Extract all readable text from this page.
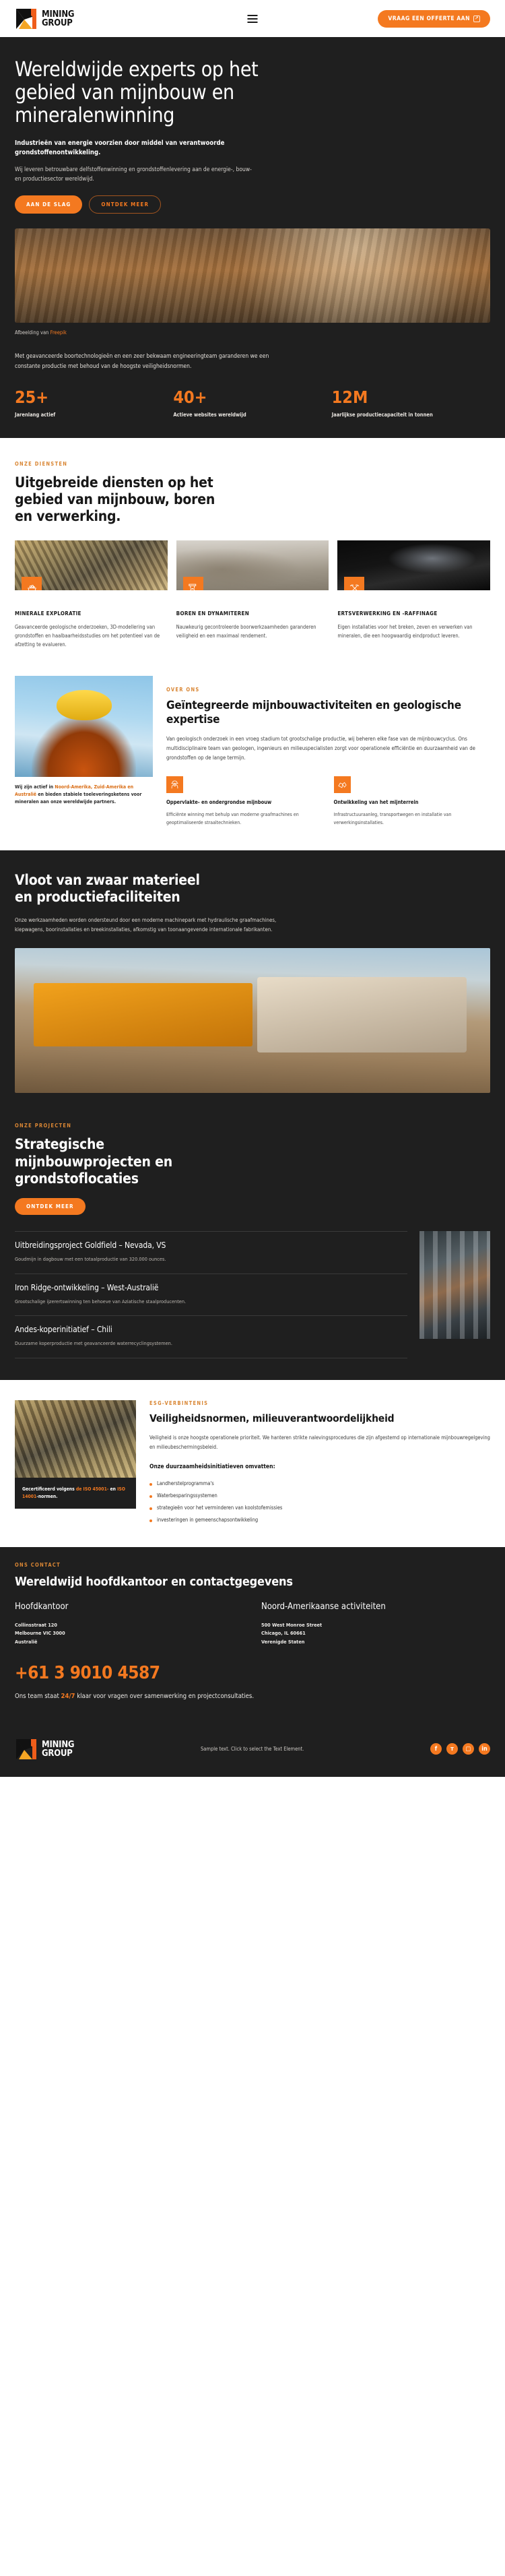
MINING
GROUP	VRAAG EEN OFFERTE AAN	↗
Wereldwijde experts op het gebied van mijnbouw en mineralenwinning
Industrieën van energie voorzien door middel van verantwoorde grondstoffenontwikkeling.
Wij leveren betrouwbare delfstoffenwinning en grondstoffenlevering aan de energie-, bouw- en productiesector wereldwijd.
AAN DE SLAG	ONTDEK MEER
Afbeelding van Freepik
Met geavanceerde boortechnologieën en een zeer bekwaam engineeringteam garanderen we een constante productie met behoud van de hoogste veiligheidsnormen.
25+
Jarenlang actief
40+
Actieve websites wereldwijd
12M
Jaarlijkse productiecapaciteit in tonnen
ONZE DIENSTEN
Uitgebreide diensten op het gebied van mijnbouw, boren en verwerking.
MINERALE EXPLORATIE

Geavanceerde geologische onderzoeken, 3D-modellering van grondstoffen en haalbaarheidsstudies om het potentieel van de afzetting te evalueren.

BOREN EN DYNAMITEREN

Nauwkeurig gecontroleerde boorwerkzaamheden garanderen veiligheid en een maximaal rendement.

ERTSVERWERKING EN -RAFFINAGE

Eigen installaties voor het breken, zeven en verwerken van mineralen, die een hoogwaardig eindproduct leveren.

Wij zijn actief in Noord-Amerika, Zuid-Amerika en Australië en bieden stabiele toeleveringsketens voor mineralen aan onze wereldwijde partners.
OVER ONS
Geïntegreerde mijnbouwactiviteiten en geologische expertise
Van geologisch onderzoek in een vroeg stadium tot grootschalige productie, wij beheren elke fase van de mijnbouwcyclus. Ons multidisciplinaire team van geologen, ingenieurs en milieuspecialisten zorgt voor operationele efficiëntie en duurzaamheid van de grondstoffen op de lange termijn.
Oppervlakte- en ondergrondse mijnbouw

Efficiënte winning met behulp van moderne graafmachines en geoptimaliseerde straaltechnieken.

Ontwikkeling van het mijnterrein

Infrastructuuraanleg, transportwegen en installatie van verwerkingsinstallaties.

Vloot van zwaar materieel en productiefaciliteiten

Onze werkzaamheden worden ondersteund door een moderne machinepark met hydraulische graafmachines, kiepwagens, boorinstallaties en breekinstallaties, afkomstig van toonaangevende internationale fabrikanten.

ONZE PROJECTEN
Strategische mijnbouwprojecten en grondstoflocaties
ONTDEK MEER
Uitbreidingsproject Goldfield – Nevada, VS

Goudmijn in dagbouw met een totaalproductie van 320.000 ounces.

Iron Ridge-ontwikkeling – West-Australië

Grootschalige ijzerertswinning ten behoeve van Aziatische staalproducenten.

Andes-koperinitiatief – Chili

Duurzame koperproductie met geavanceerde waterrecyclingsystemen.

Gecertificeerd volgens de ISO 45001- en ISO 14001-normen.
ESG-VERBINTENIS
Veiligheidsnormen, milieuverantwoordelijkheid
Veiligheid is onze hoogste operationele prioriteit. We hanteren strikte nalevingsprocedures die zijn afgestemd op internationale mijnbouwregelgeving en milieubeschermingsbeleid.
Onze duurzaamheidsinitiatieven omvatten:
Landherstelprogramma's
Waterbesparingssystemen
strategieën voor het verminderen van koolstofemissies
investeringen in gemeenschapsontwikkeling
ONS CONTACT
Wereldwijd hoofdkantoor en contactgegevens
Hoofdkantoor
Collinsstraat 120
Melbourne VIC 3000
Australië
Noord-Amerikaanse activiteiten
500 West Monroe Street
Chicago, IL 60661
Verenigde Staten
+61 3 9010 4587
Ons team staat 24/7 klaar voor vragen over samenwerking en projectconsultaties.
MINING
GROUP	Sample text. Click to select the Text Element.	f	ᴛ	▢	in
